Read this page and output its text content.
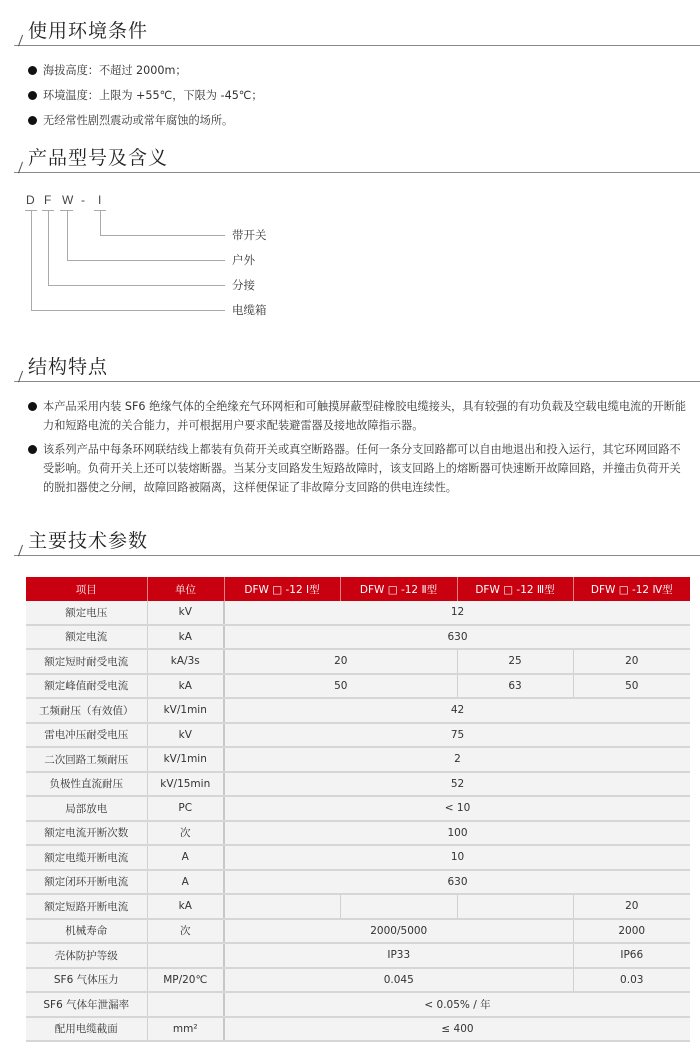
使用环境条件
海拔高度：不超过 2000m；
环境温度：上限为 +55℃，下限为 -45℃；
无经常性剧烈震动或常年腐蚀的场所。
产品型号及含义
D F W - I
带开关
户外
分接
电缆箱
结构特点
本产品采用内装 SF6 绝缘气体的全绝缘充气环网柜和可触摸屏蔽型硅橡胶电缆接头，具有较强的有功负载及空载电缆电流的开断能力和短路电流的关合能力，并可根据用户要求配装避雷器及接地故障指示器。
该系列产品中每条环网联结线上都装有负荷开关或真空断路器。任何一条分支回路都可以自由地退出和投入运行，其它环网回路不受影响。负荷开关上还可以装熔断器。当某分支回路发生短路故障时，该支回路上的熔断器可快速断开故障回路，并撞击负荷开关的脱扣器使之分闸，故障回路被隔离，这样便保证了非故障分支回路的供电连续性。
主要技术参数
项目	单位	DFW □ -12 Ⅰ型	DFW □ -12 Ⅱ型	DFW □ -12 Ⅲ型	DFW □ -12 Ⅳ型
额定电压	kV	12			
额定电流	kA	630			
额定短时耐受电流	kA/3s	20		25	20
额定峰值耐受电流	kA	50		63	50
工频耐压（有效值）	kV/1min	42			
雷电冲压耐受电压	kV	75			
二次回路工频耐压	kV/1min	2			
负极性直流耐压	kV/15min	52			
局部放电	PC	< 10			
额定电流开断次数	次	100			
额定电缆开断电流	A	10			
额定闭环开断电流	A	630			
额定短路开断电流	kA				20
机械寿命	次	2000/5000			2000
壳体防护等级		IP33			IP66
SF6 气体压力	MP/20℃	0.045			0.03
SF6 气体年泄漏率		< 0.05% / 年			
配用电缆截面	mm²	≤ 400			
